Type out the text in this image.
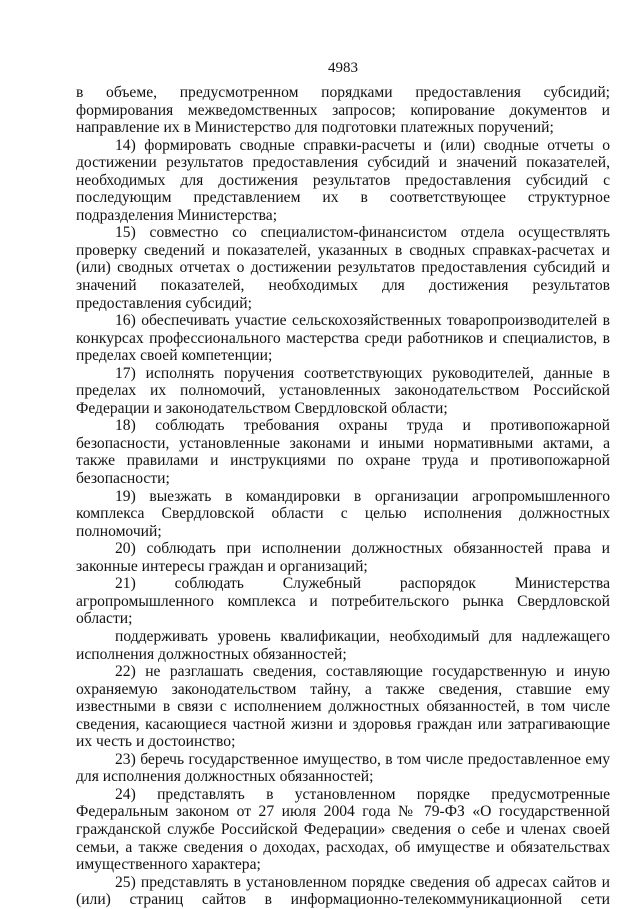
4983

в объеме, предусмотренном порядками предоставления субсидий; формирования межведомственных запросов; копирование документов и направление их в Министерство для подготовки платежных поручений;

14) формировать сводные справки-расчеты и (или) сводные отчеты о достижении результатов предоставления субсидий и значений показателей, необходимых для достижения результатов предоставления субсидий с последующим представлением их в соответствующее структурное подразделения Министерства;

15) совместно со специалистом-финансистом отдела осуществлять проверку сведений и показателей, указанных в сводных справках-расчетах и (или) сводных отчетах о достижении результатов предоставления субсидий и значений показателей, необходимых для достижения результатов предоставления субсидий;

16) обеспечивать участие сельскохозяйственных товаропроизводителей в конкурсах профессионального мастерства среди работников и специалистов, в пределах своей компетенции;

17) исполнять поручения соответствующих руководителей, данные в пределах их полномочий, установленных законодательством Российской Федерации и законодательством Свердловской области;

18) соблюдать требования охраны труда и противопожарной безопасности, установленные законами и иными нормативными актами, а также правилами и инструкциями по охране труда и противопожарной безопасности;

19) выезжать в командировки в организации агропромышленного комплекса Свердловской области с целью исполнения должностных полномочий;

20) соблюдать при исполнении должностных обязанностей права и законные интересы граждан и организаций;

21) соблюдать Служебный распорядок Министерства агропромышленного комплекса и потребительского рынка Свердловской области;

поддерживать уровень квалификации, необходимый для надлежащего исполнения должностных обязанностей;

22) не разглашать сведения, составляющие государственную и иную охраняемую законодательством тайну, а также сведения, ставшие ему известными в связи с исполнением должностных обязанностей, в том числе сведения, касающиеся частной жизни и здоровья граждан или затрагивающие их честь и достоинство;

23) беречь государственное имущество, в том числе предоставленное ему для исполнения должностных обязанностей;

24) представлять в установленном порядке предусмотренные Федеральным законом от 27 июля 2004 года № 79-ФЗ «О государственной гражданской службе Российской Федерации» сведения о себе и членах своей семьи, а также сведения о доходах, расходах, об имуществе и обязательствах имущественного характера;

25) представлять в установленном порядке сведения об адресах сайтов и (или) страниц сайтов в информационно-телекоммуникационной сети
